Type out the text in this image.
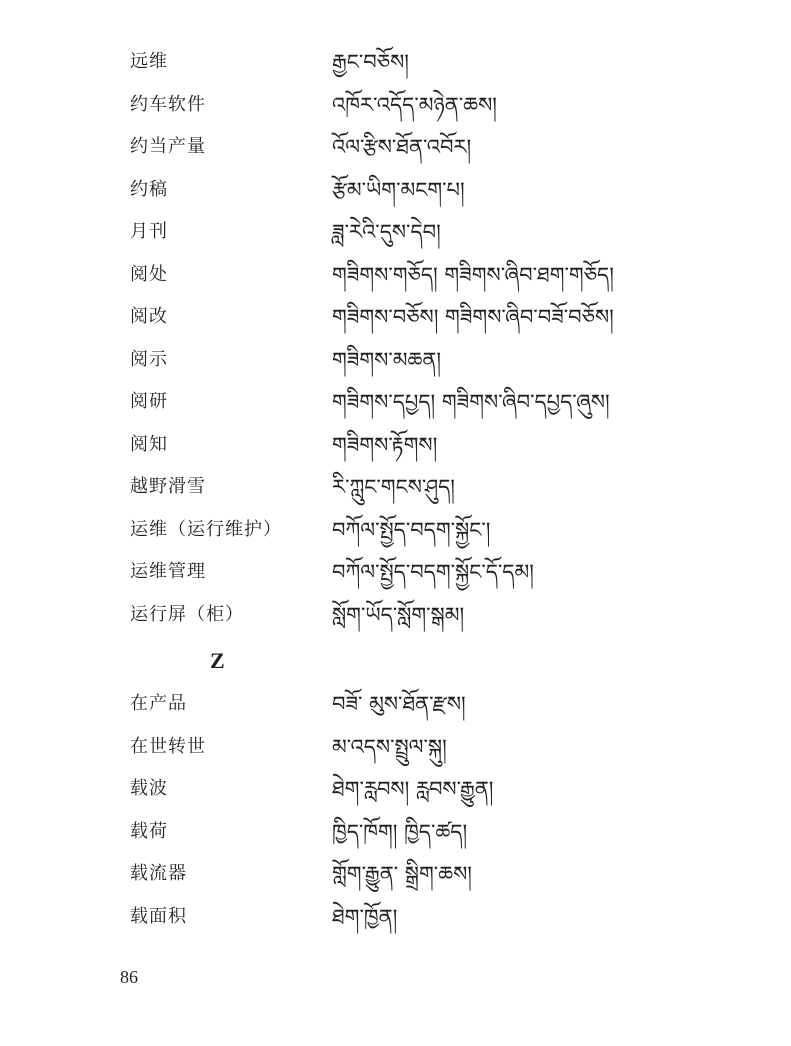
远维	རྒྱང་བཅོས།
约车软件	འཁོར་འདོད་མཉེན་ཆས།
约当产量	འོལ་རྩིས་ཐོན་འབོར།
约稿	རྩོམ་ཡིག་མངག་པ།
月刊	ཟླ་རེའི་དུས་དེབ།
阅处	གཟིགས་གཅོད། གཟིགས་ཞིབ་ཐག་གཅོད།
阅改	གཟིགས་བཅོས། གཟིགས་ཞིབ་བཟོ་བཅོས།
阅示	གཟིགས་མཆན།
阅研	གཟིགས་དཔྱད། གཟིགས་ཞིབ་དཔྱད་ཞུས།
阅知	གཟིགས་རྟོགས།
越野滑雪	རི་ཀླུང་གངས་ཤུད།
运维（运行维护） བཀོལ་སྤྱོད་བདག་སྐྱོང་།
运维管理	བཀོལ་སྤྱོད་བདག་སྐྱོང་དོ་དམ།
运行屏（柜）	སློག་ཡོད་སློག་སྒམ།
Z
在产品	བཟོ་ མུས་ཐོན་རྫས།
在世转世	མ་འདས་སྤྲུལ་སྐུ།
载波	ཐེག་རླབས། རླབས་རྒྱུན།
载荷	ཁྱིད་ཁོག། ཁྱིད་ཚད།
载流器	གློག་རྒྱུན་ སྒྲིག་ཆས།
载面积	ཐེག་ཁྱོན།
86
